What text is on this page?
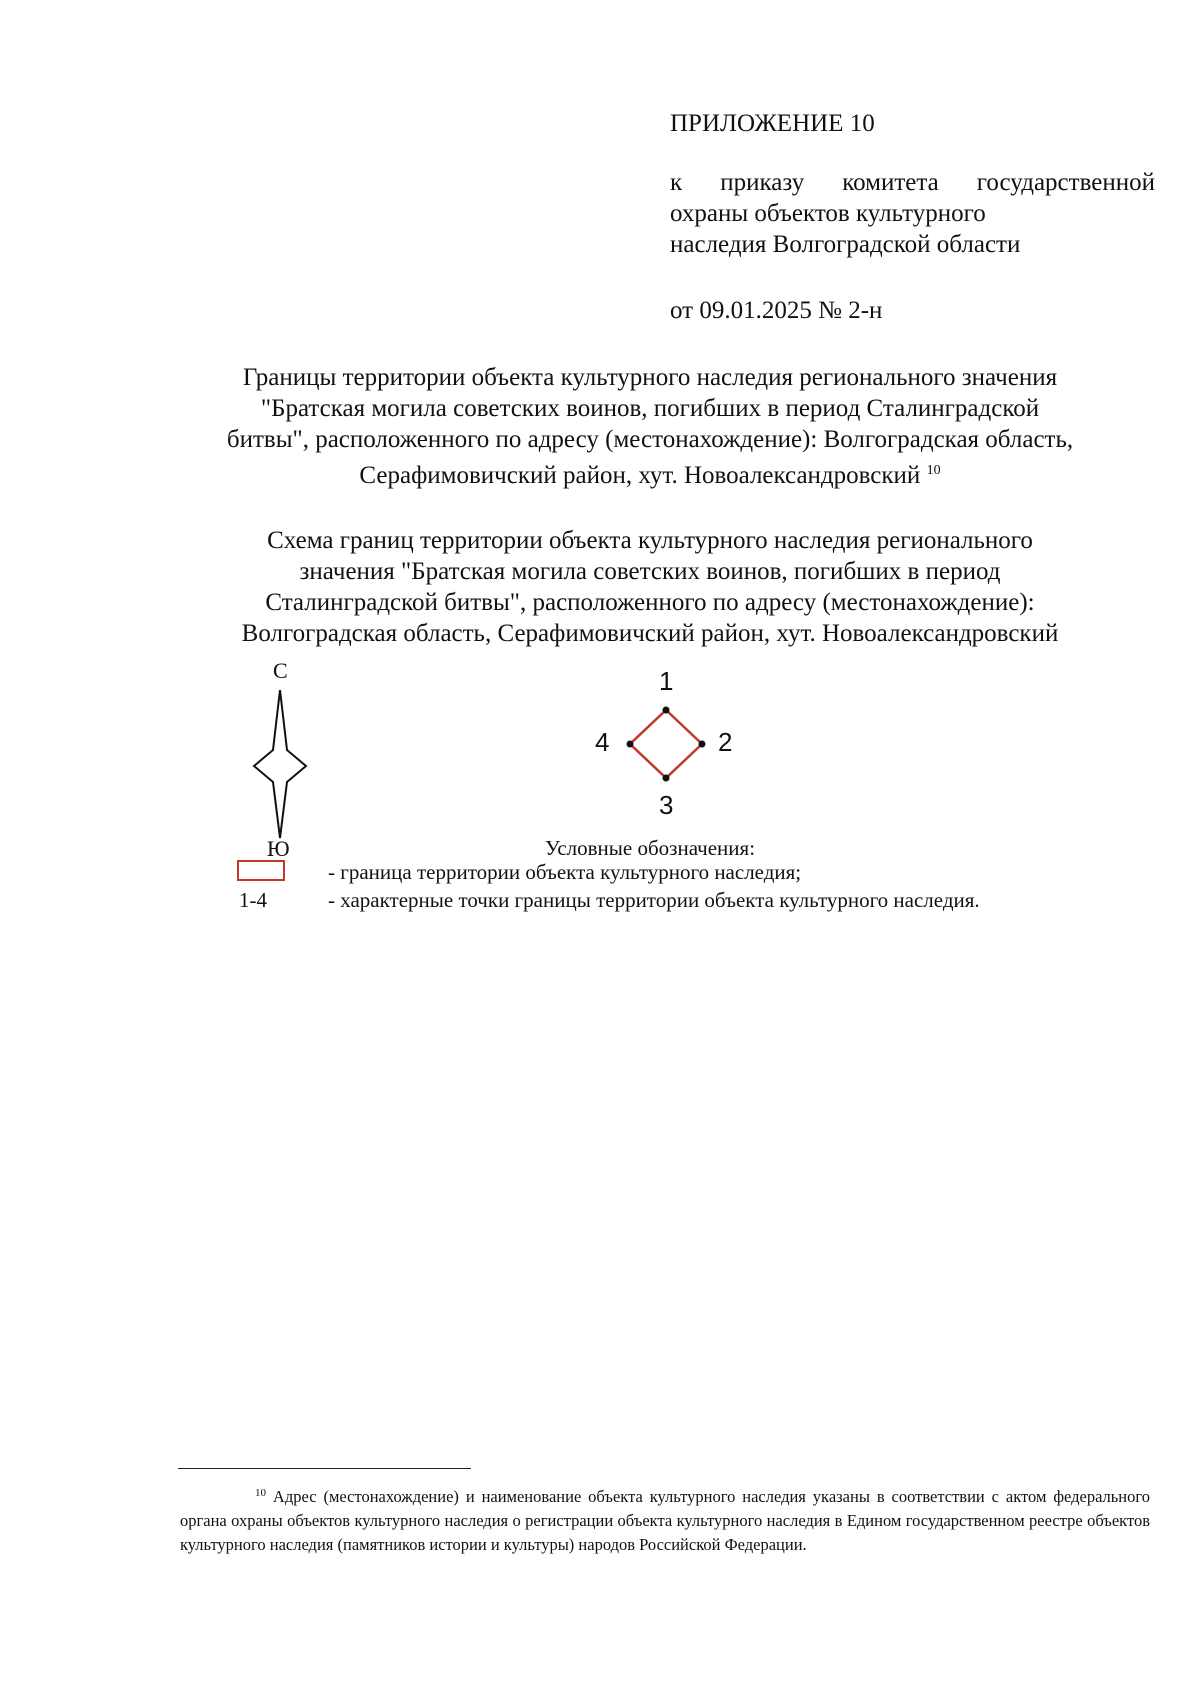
ПРИЛОЖЕНИЕ 10
к приказу комитета государственной
охраны объектов культурного
наследия Волгоградской области
от 09.01.2025 № 2-н
Границы территории объекта культурного наследия регионального значения
"Братская могила советских воинов, погибших в период Сталинградской
битвы", расположенного по адресу (местонахождение): Волгоградская область,
Серафимовичский район, хут. Новоалександровский $^{10}$
Схема границ территории объекта культурного наследия регионального
значения "Братская могила советских воинов, погибших в период
Сталинградской битвы", расположенного по адресу (местонахождение):
Волгоградская область, Серафимовичский район, хут. Новоалександровский
С
Ю
1
2
3
4
Условные обозначения:
- граница территории объекта культурного наследия;
1-4	- характерные точки границы территории объекта культурного наследия.
$^{10}$ Адрес (местонахождение) и наименование объекта культурного наследия указаны в соответствии с актом федерального органа охраны объектов культурного наследия о регистрации объекта культурного наследия в Едином государственном реестре объектов культурного наследия (памятников истории и культуры) народов Российской Федерации.
